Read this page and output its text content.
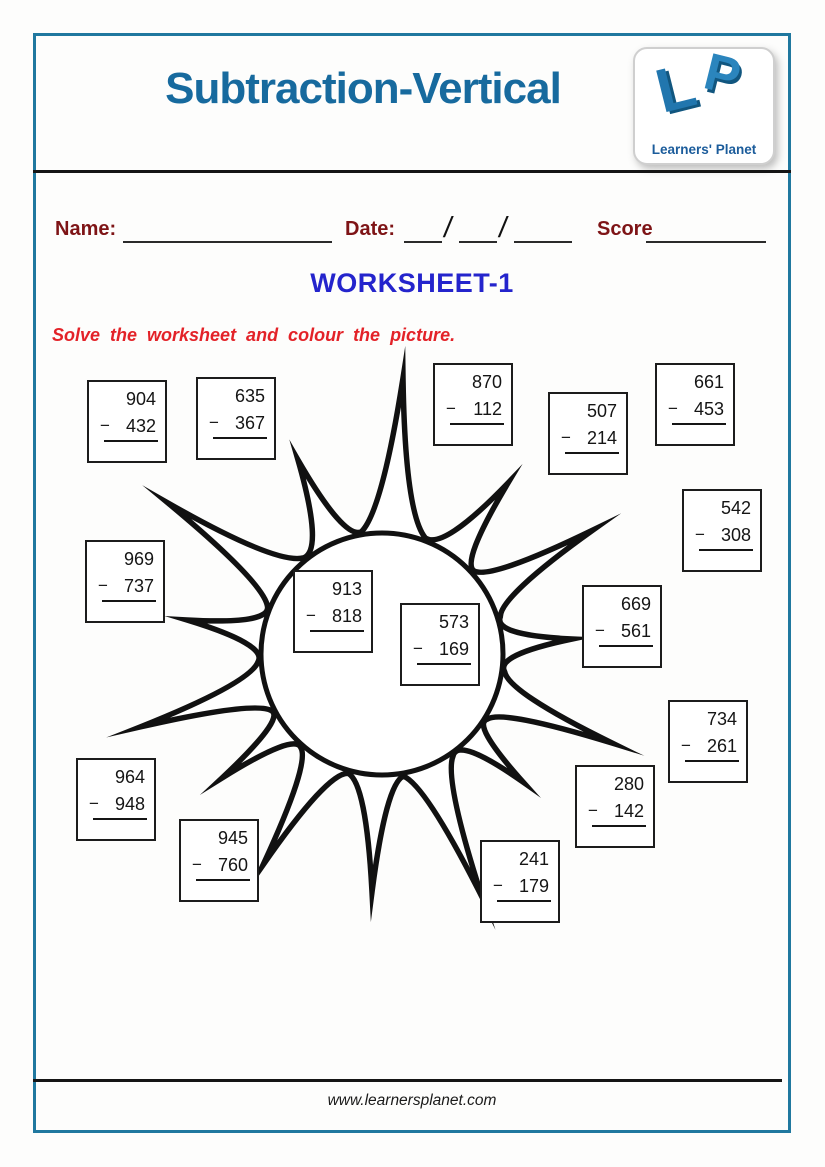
Subtraction-Vertical	L
P
Learners' Planet
Name:	Date: / /	Score
WORKSHEET-1

Solve the worksheet and colour the picture.

904
− 432
635
− 367
870
− 112	507
− 214
661
− 453
542
− 308
969
− 737	913
− 818	573
− 169
669
− 561
734
− 261
964
− 948
945
− 760
280
− 142
241
− 179
www.learnersplanet.com
